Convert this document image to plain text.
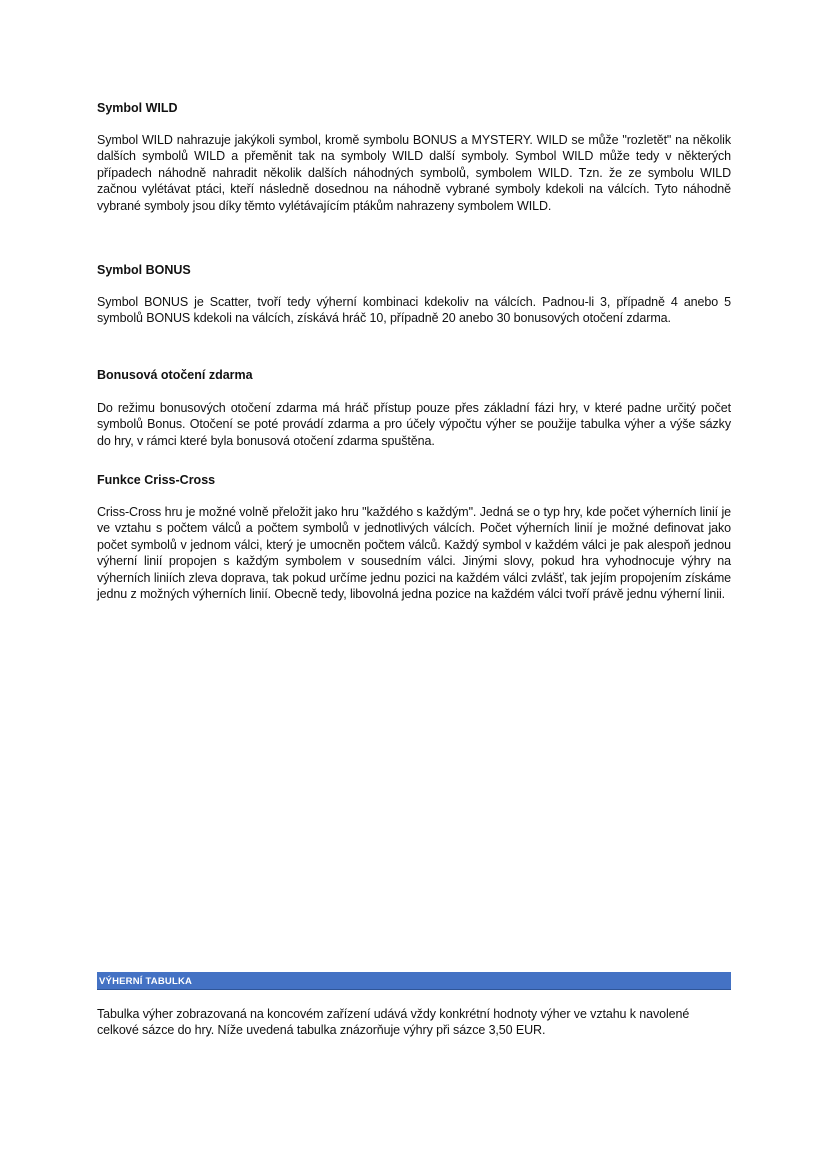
Symbol WILD
Symbol WILD nahrazuje jakýkoli symbol, kromě symbolu BONUS a MYSTERY. WILD se může "rozletět" na několik dalších symbolů WILD a přeměnit tak na symboly WILD další symboly. Symbol WILD může tedy v některých případech náhodně nahradit několik dalších náhodných symbolů, symbolem WILD. Tzn. že ze symbolu WILD začnou vylétávat ptáci, kteří následně dosednou na náhodně vybrané symboly kdekoli na válcích. Tyto náhodně vybrané symboly jsou díky těmto vylétávajícím ptákům nahrazeny symbolem WILD.
Symbol BONUS
Symbol BONUS je Scatter, tvoří tedy výherní kombinaci kdekoliv na válcích. Padnou-li 3, případně 4 anebo 5 symbolů BONUS kdekoli na válcích, získává hráč 10, případně 20 anebo 30 bonusových otočení zdarma.
Bonusová otočení zdarma
Do režimu bonusových otočení zdarma má hráč přístup pouze přes základní fázi hry, v které padne určitý počet symbolů Bonus. Otočení se poté provádí zdarma a pro účely výpočtu výher se použije tabulka výher a výše sázky do hry, v rámci které byla bonusová otočení zdarma spuštěna.
Funkce Criss-Cross
Criss-Cross hru je možné volně přeložit jako hru "každého s každým". Jedná se o typ hry, kde počet výherních linií je ve vztahu s počtem válců a počtem symbolů v jednotlivých válcích. Počet výherních linií je možné definovat jako počet symbolů v jednom válci, který je umocněn počtem válců. Každý symbol v každém válci je pak alespoň jednou výherní linií propojen s každým symbolem v sousedním válci. Jinými slovy, pokud hra vyhodnocuje výhry na výherních liniích zleva doprava, tak pokud určíme jednu pozici na každém válci zvlášť, tak jejím propojením získáme jednu z možných výherních linií. Obecně tedy, libovolná jedna pozice na každém válci tvoří právě jednu výherní linii.
VÝHERNÍ TABULKA
Tabulka výher zobrazovaná na koncovém zařízení udává vždy konkrétní hodnoty výher ve vztahu k navolené celkové sázce do hry. Níže uvedená tabulka znázorňuje výhry při sázce 3,50 EUR.
